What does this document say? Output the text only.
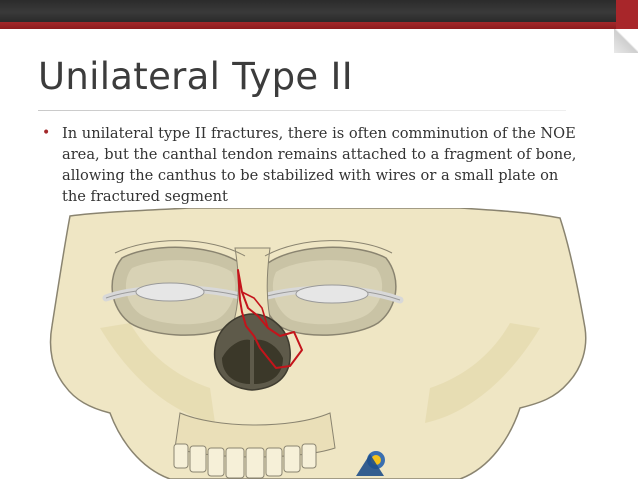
Unilateral Type II
• In unilateral type II fractures, there is often comminution of the NOE area, but the canthal tendon remains attached to a fragment of bone, allowing the canthus to be stabilized with wires or a small plate on the fractured segment
